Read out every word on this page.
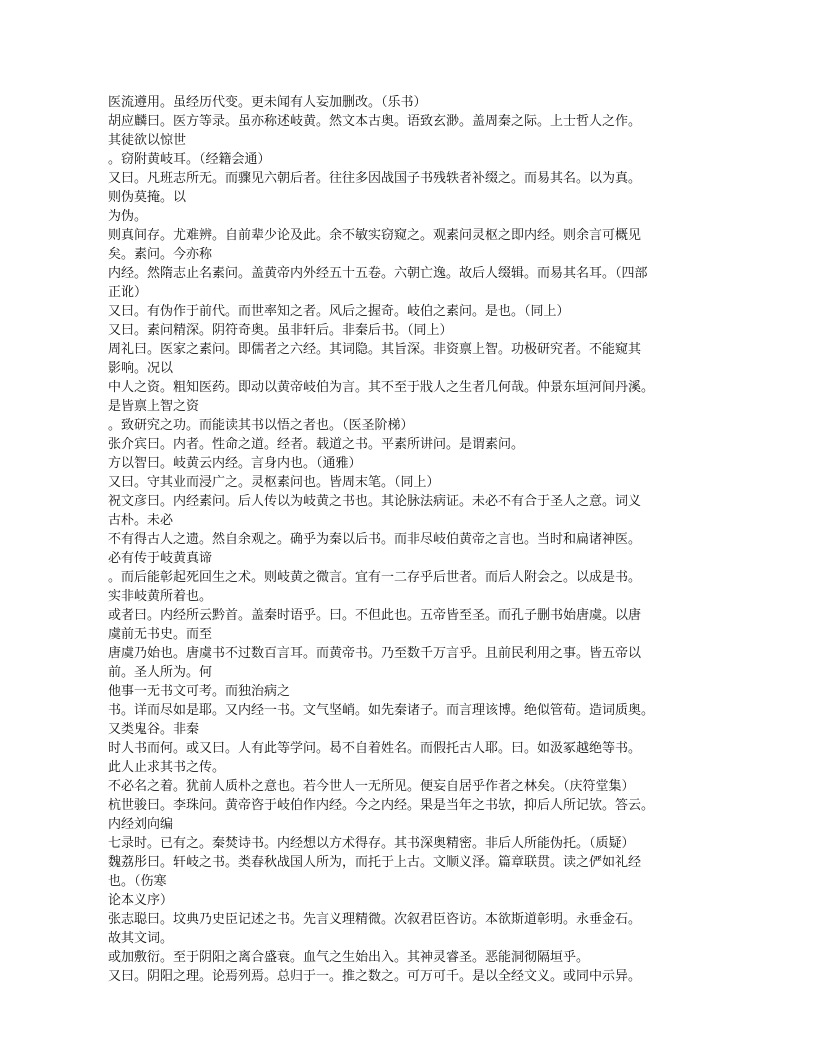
医流遵用。虽经历代变。更未闻有人妄加删改。（乐书）
胡应麟曰。医方等录。虽亦称述岐黄。然文本古奥。语致玄渺。盖周秦之际。上士哲人之作。
其徒欲以惊世
。窃附黄岐耳。（经籍会通）
又曰。凡班志所无。而骤见六朝后者。往往多因战国子书残轶者补缀之。而易其名。以为真。
则伪莫掩。以
为伪。
则真间存。尤难辨。自前辈少论及此。余不敏实窃窥之。观素问灵枢之即内经。则余言可概见
矣。素问。今亦称
内经。然隋志止名素问。盖黄帝内外经五十五卷。六朝亡逸。故后人缀辑。而易其名耳。（四部
正讹）
又曰。有伪作于前代。而世率知之者。风后之握奇。岐伯之素问。是也。（同上）
又曰。素问精深。阴符奇奥。虽非轩后。非秦后书。（同上）
周礼曰。医家之素问。即儒者之六经。其词隐。其旨深。非资禀上智。功极研究者。不能窥其
影响。况以
中人之资。粗知医药。即动以黄帝岐伯为言。其不至于戕人之生者几何哉。仲景东垣河间丹溪。
是皆禀上智之资
。致研究之功。而能读其书以悟之者也。（医圣阶梯）
张介宾曰。内者。性命之道。经者。载道之书。平素所讲问。是谓素问。
方以智曰。岐黄云内经。言身内也。（通雅）
又曰。守其业而浸广之。灵枢素问也。皆周末笔。（同上）
祝文彦曰。内经素问。后人传以为岐黄之书也。其论脉法病证。未必不有合于圣人之意。词义
古朴。未必
不有得古人之遗。然自余观之。确乎为秦以后书。而非尽岐伯黄帝之言也。当时和扁诸神医。
必有传于岐黄真谛
。而后能彰起死回生之术。则岐黄之微言。宜有一二存乎后世者。而后人附会之。以成是书。
实非岐黄所着也。
或者曰。内经所云黔首。盖秦时语乎。曰。不但此也。五帝皆至圣。而孔子删书始唐虞。以唐
虞前无书史。而至
唐虞乃始也。唐虞书不过数百言耳。而黄帝书。乃至数千万言乎。且前民利用之事。皆五帝以
前。圣人所为。何
他事一无书文可考。而独治病之
书。详而尽如是耶。又内经一书。文气坚峭。如先秦诸子。而言理该博。绝似管荀。造词质奥。
又类鬼谷。非秦
时人书而何。或又曰。人有此等学问。曷不自着姓名。而假托古人耶。曰。如汲冢越绝等书。
此人止求其书之传。
不必名之着。犹前人质朴之意也。若今世人一无所见。便妄自居乎作者之林矣。（庆符堂集）
杭世骏曰。李珠问。黄帝咨于岐伯作内经。今之内经。果是当年之书欤，抑后人所记欤。答云。
内经刘向编
七录时。已有之。秦焚诗书。内经想以方术得存。其书深奥精密。非后人所能伪托。（质疑）
魏荔彤曰。轩岐之书。类春秋战国人所为，而托于上古。文顺义泽。篇章联贯。读之俨如礼经
也。（伤寒
论本义序）
张志聪曰。坟典乃史臣记述之书。先言义理精微。次叙君臣咨访。本欲斯道彰明。永垂金石。
故其文词。
或加敷衍。至于阴阳之离合盛衰。血气之生始出入。其神灵睿圣。恶能洞彻隔垣乎。
又曰。阴阳之理。论焉列焉。总归于一。推之数之。可万可千。是以全经文义。或同中示异。
